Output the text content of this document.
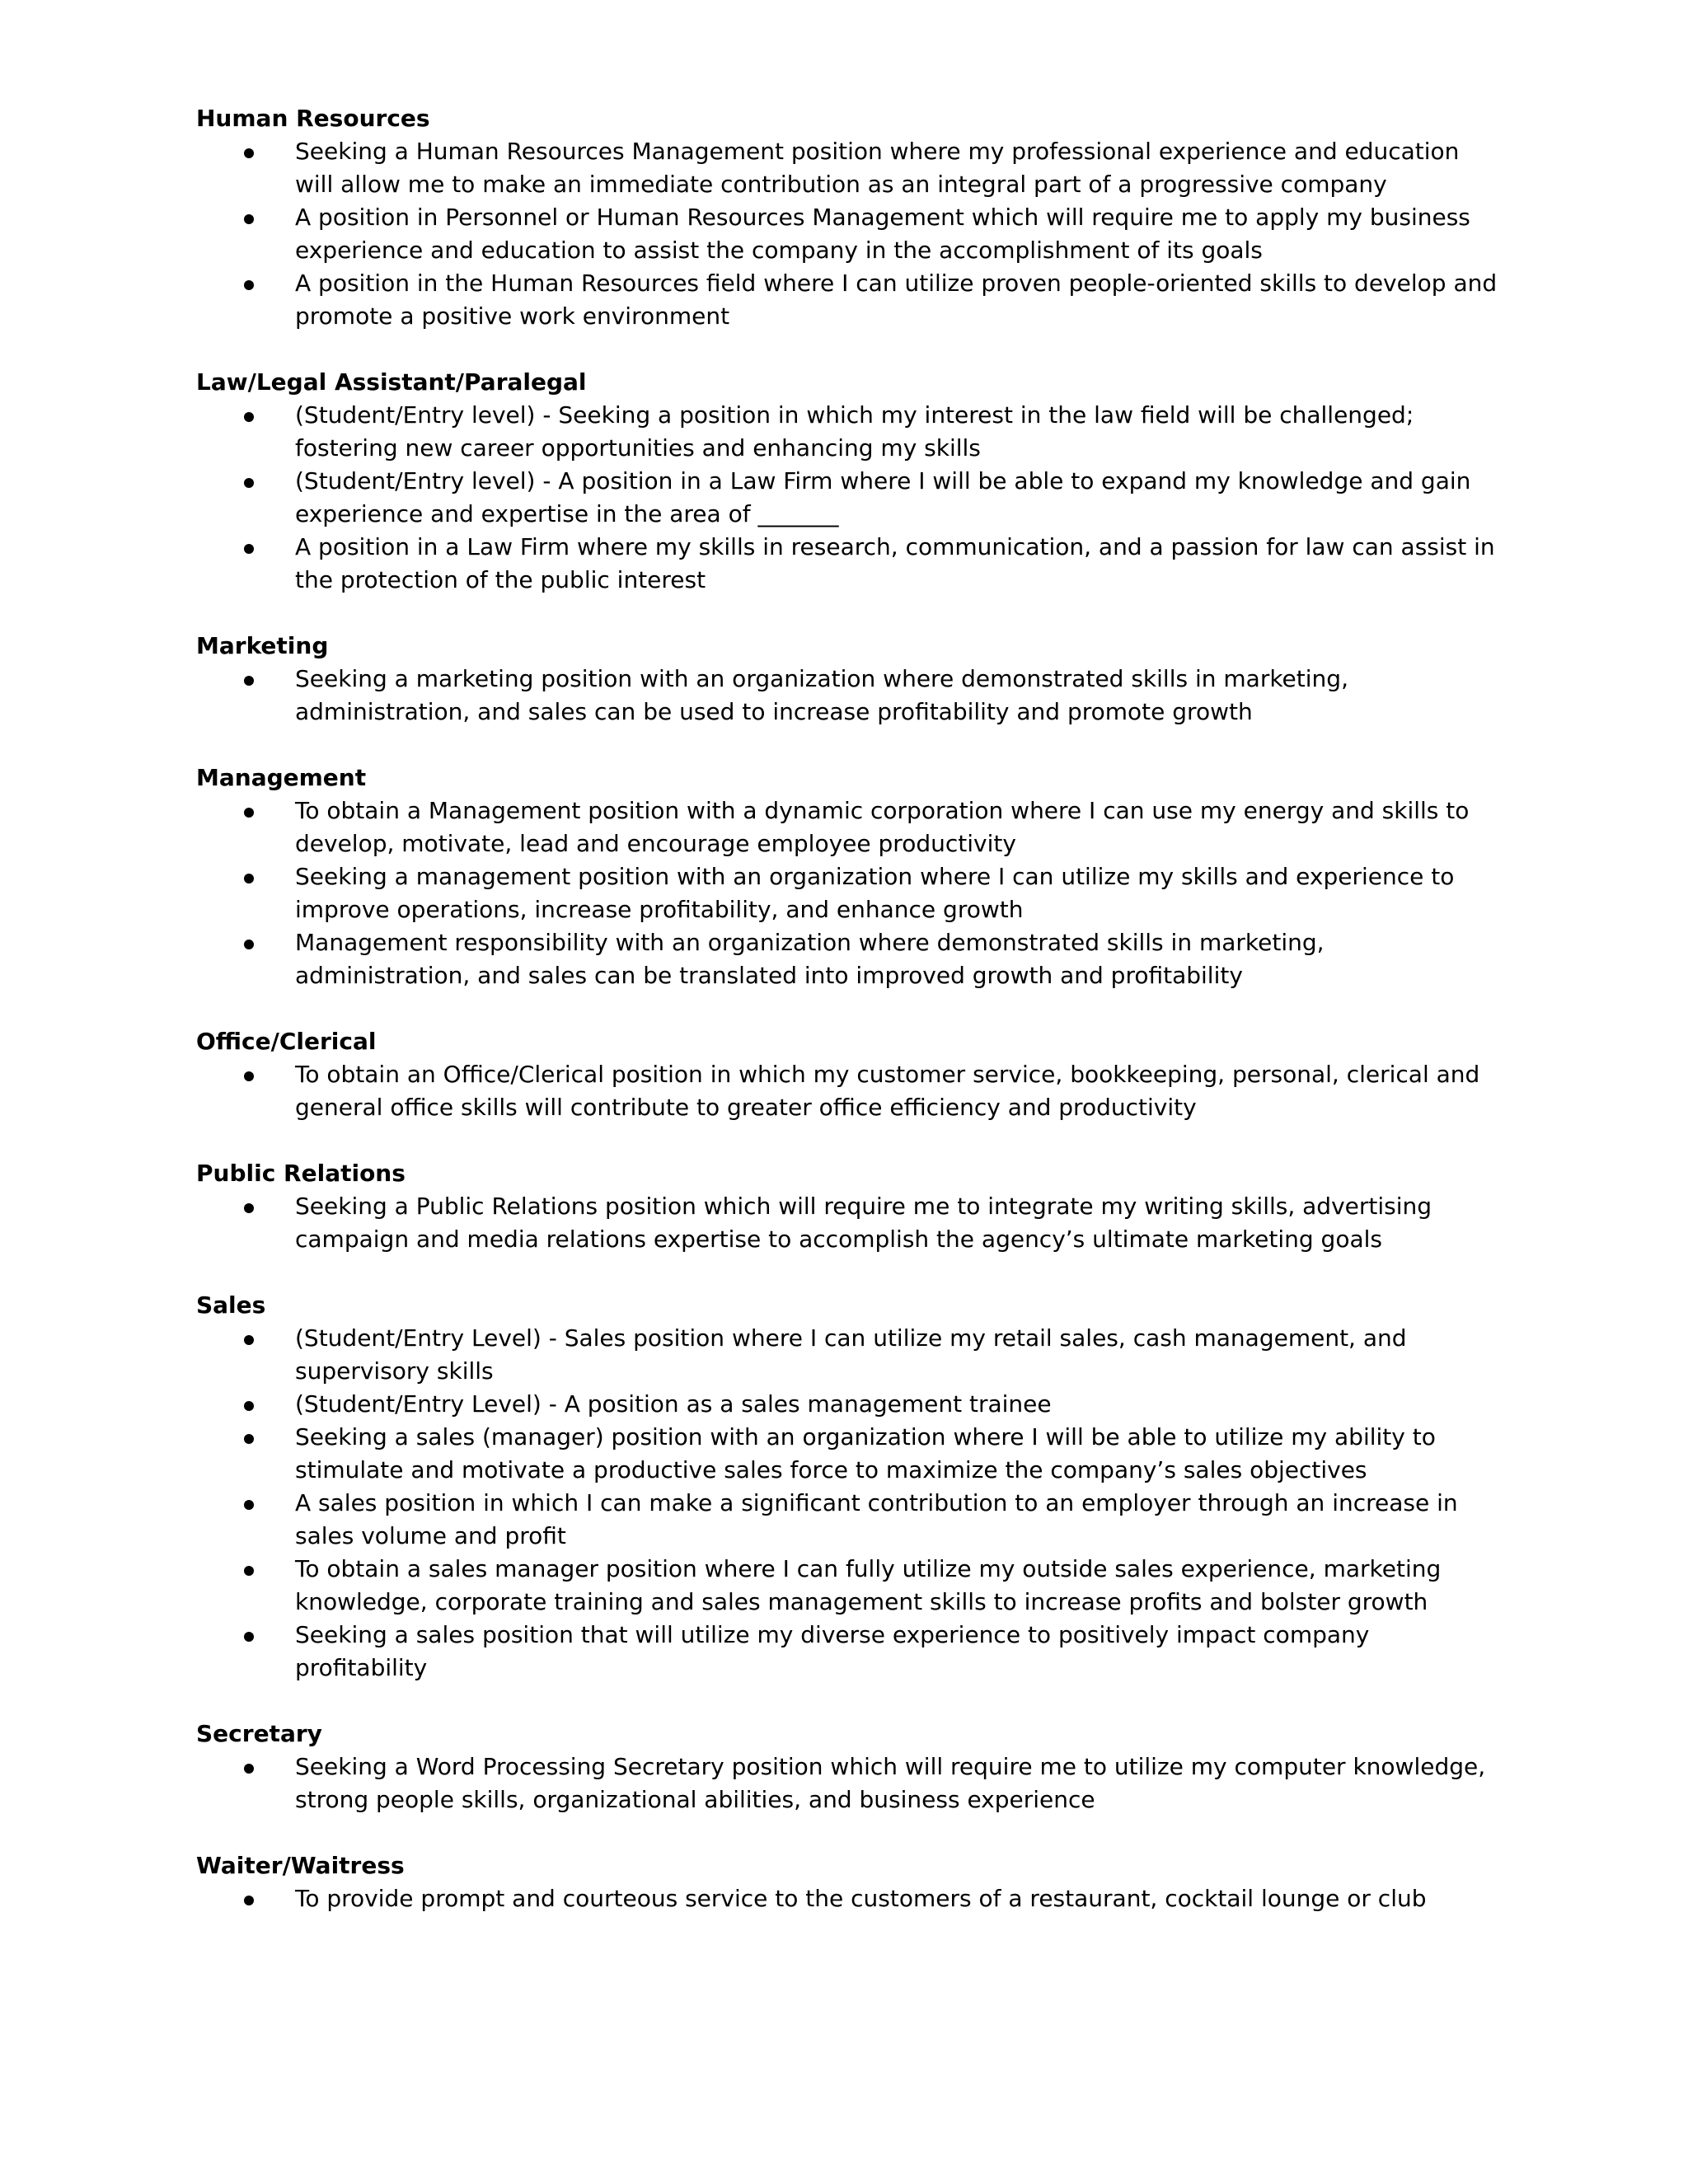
Human Resources
Seeking a Human Resources Management position where my professional experience and education will allow me to make an immediate contribution as an integral part of a progressive company
A position in Personnel or Human Resources Management which will require me to apply my business experience and education to assist the company in the accomplishment of its goals
A position in the Human Resources field where I can utilize proven people-oriented skills to develop and promote a positive work environment
Law/Legal Assistant/Paralegal
(Student/Entry level) - Seeking a position in which my interest in the law field will be challenged; fostering new career opportunities and enhancing my skills
(Student/Entry level) - A position in a Law Firm where I will be able to expand my knowledge and gain experience and expertise in the area of _______
A position in a Law Firm where my skills in research, communication, and a passion for law can assist in the protection of the public interest
Marketing
Seeking a marketing position with an organization where demonstrated skills in marketing, administration, and sales can be used to increase profitability and promote growth
Management
To obtain a Management position with a dynamic corporation where I can use my energy and skills to develop, motivate, lead and encourage employee productivity
Seeking a management position with an organization where I can utilize my skills and experience to improve operations, increase profitability, and enhance growth
Management responsibility with an organization where demonstrated skills in marketing, administration, and sales can be translated into improved growth and profitability
Office/Clerical
To obtain an Office/Clerical position in which my customer service, bookkeeping, personal, clerical and general office skills will contribute to greater office efficiency and productivity
Public Relations
Seeking a Public Relations position which will require me to integrate my writing skills, advertising campaign and media relations expertise to accomplish the agency’s ultimate marketing goals
Sales
(Student/Entry Level) - Sales position where I can utilize my retail sales, cash management, and supervisory skills
(Student/Entry Level) - A position as a sales management trainee
Seeking a sales (manager) position with an organization where I will be able to utilize my ability to stimulate and motivate a productive sales force to maximize the company’s sales objectives
A sales position in which I can make a significant contribution to an employer through an increase in sales volume and profit
To obtain a sales manager position where I can fully utilize my outside sales experience, marketing knowledge, corporate training and sales management skills to increase profits and bolster growth
Seeking a sales position that will utilize my diverse experience to positively impact company profitability
Secretary
Seeking a Word Processing Secretary position which will require me to utilize my computer knowledge, strong people skills, organizational abilities, and business experience
Waiter/Waitress
To provide prompt and courteous service to the customers of a restaurant, cocktail lounge or club
